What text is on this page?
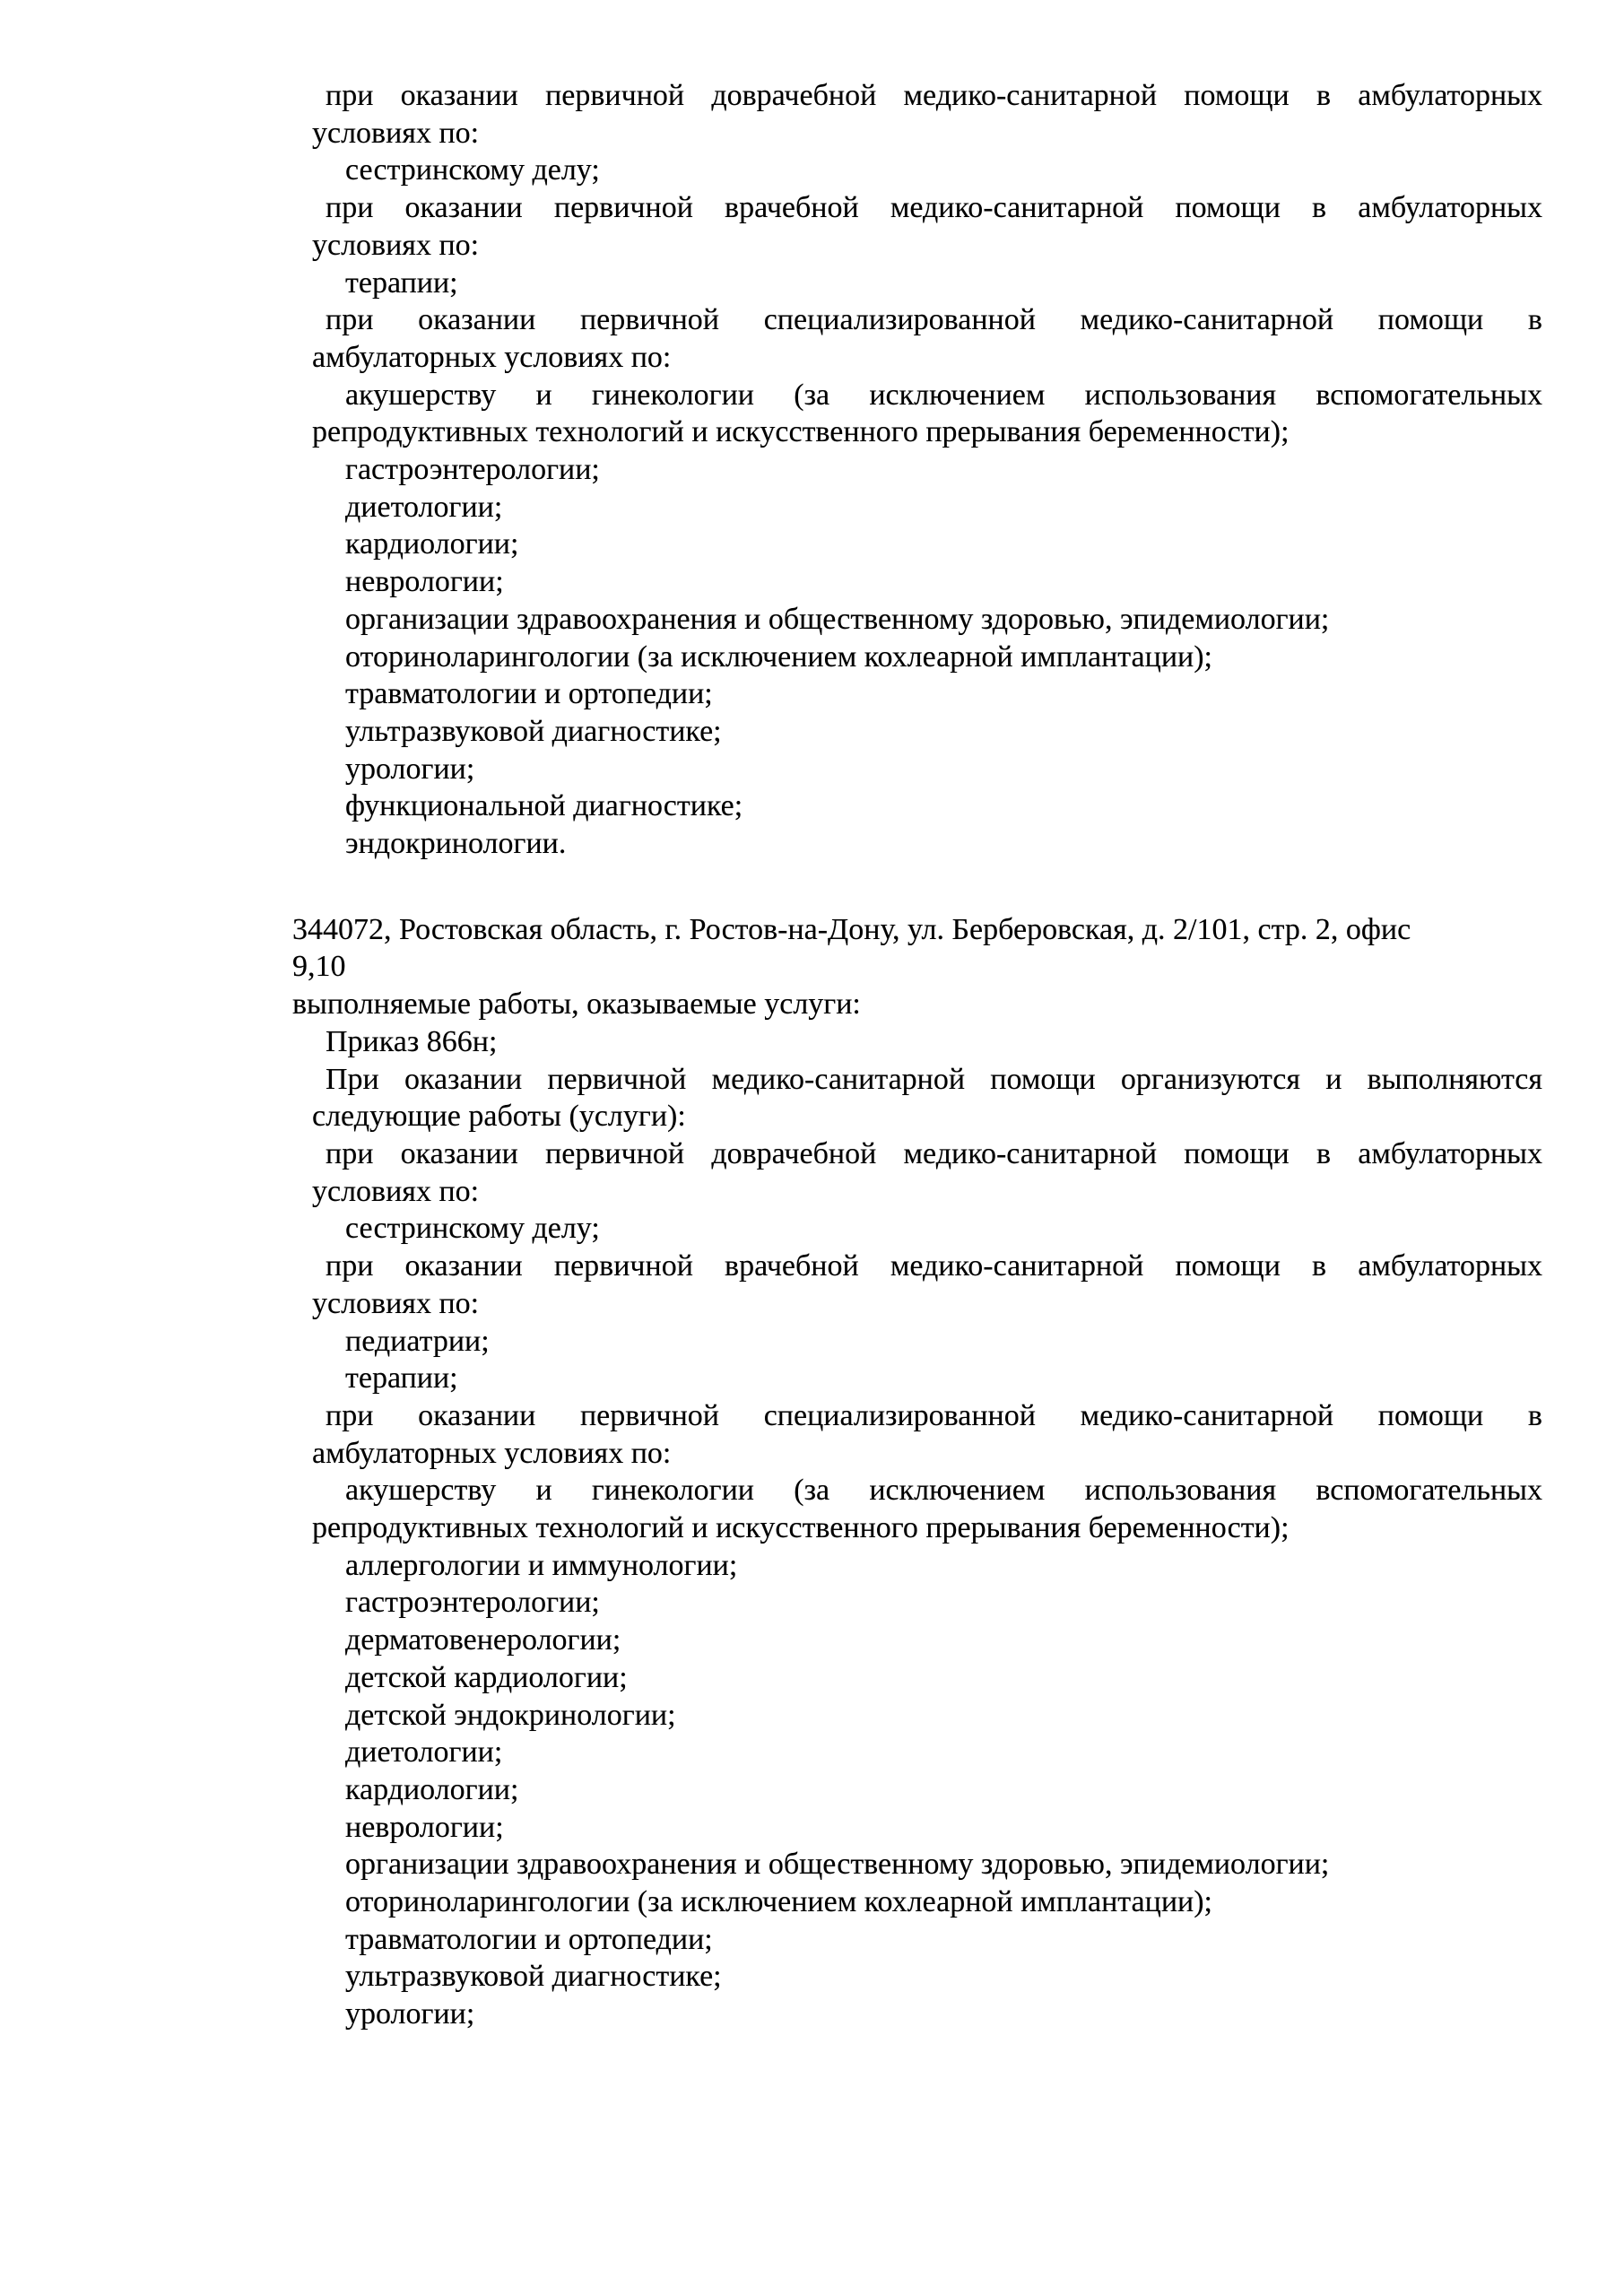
при оказании первичной доврачебной медико-санитарной помощи в амбулаторных
условиях по:
сестринскому делу;
при оказании первичной врачебной медико-санитарной помощи в амбулаторных
условиях по:
терапии;
при оказании первичной специализированной медико-санитарной помощи в
амбулаторных условиях по:
акушерству и гинекологии (за исключением использования вспомогательных
репродуктивных технологий и искусственного прерывания беременности);
гастроэнтерологии;
диетологии;
кардиологии;
неврологии;
организации здравоохранения и общественному здоровью, эпидемиологии;
оториноларингологии (за исключением кохлеарной имплантации);
травматологии и ортопедии;
ультразвуковой диагностике;
урологии;
функциональной диагностике;
эндокринологии.
344072, Ростовская область, г. Ростов-на-Дону, ул. Берберовская, д. 2/101, стр. 2, офис
9,10
выполняемые работы, оказываемые услуги:
Приказ 866н;
При оказании первичной медико-санитарной помощи организуются и выполняются
следующие работы (услуги):
при оказании первичной доврачебной медико-санитарной помощи в амбулаторных
условиях по:
сестринскому делу;
при оказании первичной врачебной медико-санитарной помощи в амбулаторных
условиях по:
педиатрии;
терапии;
при оказании первичной специализированной медико-санитарной помощи в
амбулаторных условиях по:
акушерству и гинекологии (за исключением использования вспомогательных
репродуктивных технологий и искусственного прерывания беременности);
аллергологии и иммунологии;
гастроэнтерологии;
дерматовенерологии;
детской кардиологии;
детской эндокринологии;
диетологии;
кардиологии;
неврологии;
организации здравоохранения и общественному здоровью, эпидемиологии;
оториноларингологии (за исключением кохлеарной имплантации);
травматологии и ортопедии;
ультразвуковой диагностике;
урологии;
